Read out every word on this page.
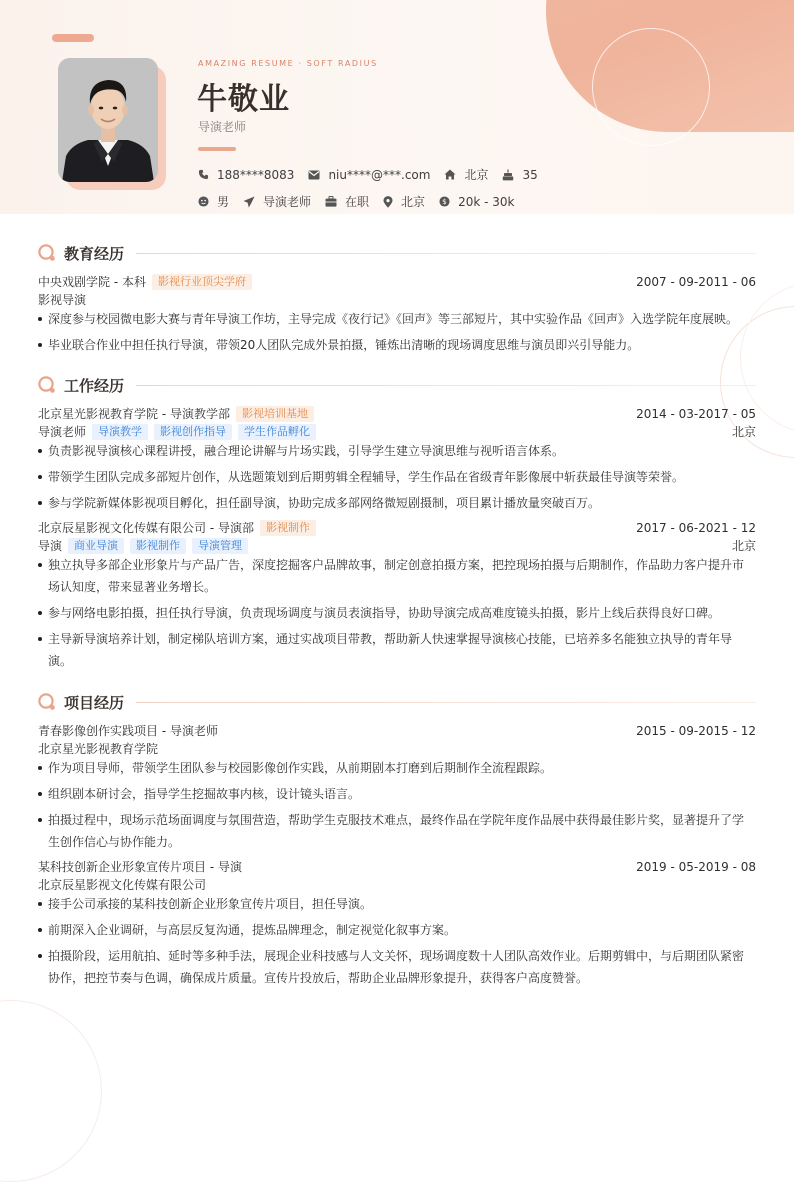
AMAZING RESUME · SOFT RADIUS
牛敬业
导演老师
188****8083	niu****@***.com	北京	35
男	导演老师	在职	北京 $ 20k - 30k
教育经历
中央戏剧学院 - 本科	影视行业顶尖学府	2007 - 09-2011 - 06
影视导演
深度参与校园微电影大赛与青年导演工作坊，主导完成《夜行记》《回声》等三部短片，其中实验作品《回声》入选学院年度展映。
毕业联合作业中担任执行导演，带领20人团队完成外景拍摄，锤炼出清晰的现场调度思维与演员即兴引导能力。
工作经历
北京星光影视教育学院 - 导演教学部	影视培训基地	2014 - 03-2017 - 05
导演老师	导演教学	影视创作指导	学生作品孵化	北京
负责影视导演核心课程讲授，融合理论讲解与片场实践，引导学生建立导演思维与视听语言体系。
带领学生团队完成多部短片创作，从选题策划到后期剪辑全程辅导，学生作品在省级青年影像展中斩获最佳导演等荣誉。
参与学院新媒体影视项目孵化，担任副导演，协助完成多部网络微短剧摄制，项目累计播放量突破百万。
北京辰星影视文化传媒有限公司 - 导演部	影视制作	2017 - 06-2021 - 12
导演	商业导演	影视制作	导演管理	北京
独立执导多部企业形象片与产品广告，深度挖掘客户品牌故事，制定创意拍摄方案，把控现场拍摄与后期制作，作品助力客户提升市场认知度，带来显著业务增长。
参与网络电影拍摄，担任执行导演，负责现场调度与演员表演指导，协助导演完成高难度镜头拍摄，影片上线后获得良好口碑。
主导新导演培养计划，制定梯队培训方案，通过实战项目带教，帮助新人快速掌握导演核心技能，已培养多名能独立执导的青年导演。
项目经历
青春影像创作实践项目 - 导演老师	2015 - 09-2015 - 12
北京星光影视教育学院
作为项目导师，带领学生团队参与校园影像创作实践，从前期剧本打磨到后期制作全流程跟踪。
组织剧本研讨会，指导学生挖掘故事内核，设计镜头语言。
拍摄过程中，现场示范场面调度与氛围营造，帮助学生克服技术难点，最终作品在学院年度作品展中获得最佳影片奖，显著提升了学生创作信心与协作能力。
某科技创新企业形象宣传片项目 - 导演	2019 - 05-2019 - 08
北京辰星影视文化传媒有限公司
接手公司承接的某科技创新企业形象宣传片项目，担任导演。
前期深入企业调研，与高层反复沟通，提炼品牌理念，制定视觉化叙事方案。
拍摄阶段，运用航拍、延时等多种手法，展现企业科技感与人文关怀，现场调度数十人团队高效作业。后期剪辑中，与后期团队紧密协作，把控节奏与色调，确保成片质量。宣传片投放后，帮助企业品牌形象提升，获得客户高度赞誉。
